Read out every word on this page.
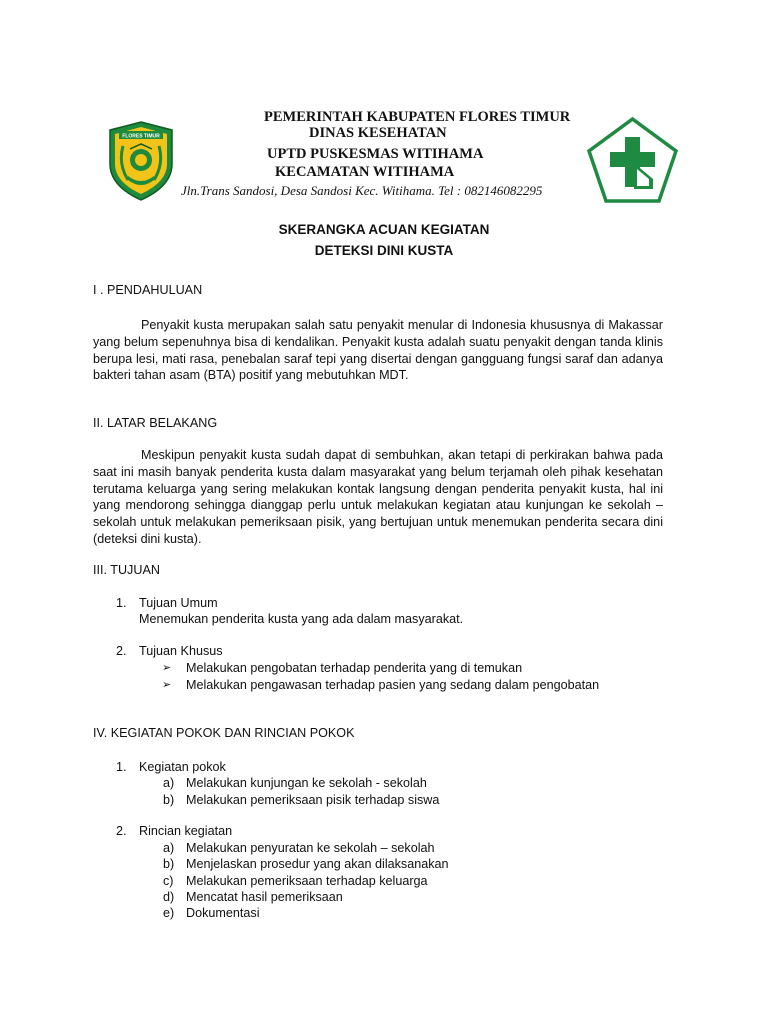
FLORES TIMUR
PEMERINTAH KABUPATEN FLORES TIMUR
DINAS KESEHATAN
UPTD PUSKESMAS WITIHAMA
KECAMATAN WITIHAMA
Jln.Trans Sandosi, Desa Sandosi Kec. Witihama. Tel : 082146082295
SKERANGKA ACUAN KEGIATAN
DETEKSI DINI KUSTA
I . PENDAHULUAN
Penyakit kusta merupakan salah satu penyakit menular di Indonesia khususnya di Makassar yang belum sepenuhnya bisa di kendalikan. Penyakit kusta adalah suatu penyakit dengan tanda klinis berupa lesi, mati rasa, penebalan saraf tepi yang disertai dengan gangguang fungsi saraf dan adanya bakteri tahan asam (BTA) positif yang mebutuhkan MDT.
II. LATAR BELAKANG
Meskipun penyakit kusta sudah dapat di sembuhkan, akan tetapi di perkirakan bahwa pada saat ini masih banyak penderita kusta dalam masyarakat yang belum terjamah oleh pihak kesehatan terutama keluarga yang sering melakukan kontak langsung dengan penderita penyakit kusta, hal ini yang mendorong sehingga dianggap perlu untuk melakukan kegiatan atau kunjungan ke sekolah –sekolah untuk melakukan pemeriksaan pisik, yang bertujuan untuk menemukan penderita secara dini (deteksi dini kusta).
III. TUJUAN
1. Tujuan Umum
Menemukan penderita kusta yang ada dalam masyarakat.
2. Tujuan Khusus
➢ Melakukan pengobatan terhadap penderita yang di temukan
➢ Melakukan pengawasan terhadap pasien yang sedang dalam pengobatan
IV. KEGIATAN POKOK DAN RINCIAN POKOK
1. Kegiatan pokok
a) Melakukan kunjungan ke sekolah - sekolah
b) Melakukan pemeriksaan pisik terhadap siswa
2. Rincian kegiatan
a) Melakukan penyuratan ke sekolah – sekolah
b) Menjelaskan prosedur yang akan dilaksanakan
c) Melakukan pemeriksaan terhadap keluarga
d) Mencatat hasil pemeriksaan
e) Dokumentasi
